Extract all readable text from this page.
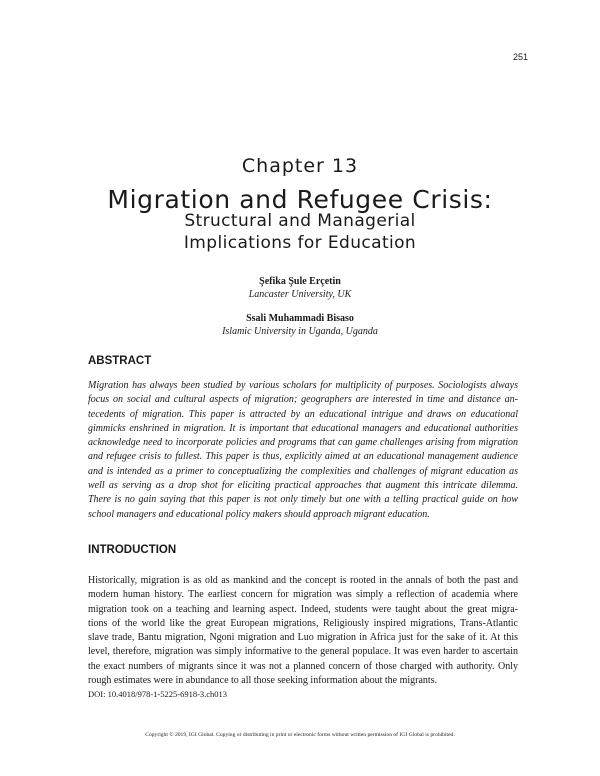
251
Chapter 13
Migration and Refugee Crisis:
Structural and Managerial
Implications for Education
Şefika Şule Erçetin
Lancaster University, UK
Ssali Muhammadi Bisaso
Islamic University in Uganda, Uganda
ABSTRACT
Migration has always been studied by various scholars for multiplicity of purposes. Sociologists always
focus on social and cultural aspects of migration; geographers are interested in time and distance an-
tecedents of migration. This paper is attracted by an educational intrigue and draws on educational
gimmicks enshrined in migration. It is important that educational managers and educational authorities
acknowledge need to incorporate policies and programs that can game challenges arising from migration
and refugee crisis to fullest. This paper is thus, explicitly aimed at an educational management audience
and is intended as a primer to conceptualizing the complexities and challenges of migrant education as
well as serving as a drop shot for eliciting practical approaches that augment this intricate dilemma.
There is no gain saying that this paper is not only timely but one with a telling practical guide on how
school managers and educational policy makers should approach migrant education.
INTRODUCTION
Historically, migration is as old as mankind and the concept is rooted in the annals of both the past and
modern human history. The earliest concern for migration was simply a reflection of academia where
migration took on a teaching and learning aspect. Indeed, students were taught about the great migra-
tions of the world like the great European migrations, Religiously inspired migrations, Trans-Atlantic
slave trade, Bantu migration, Ngoni migration and Luo migration in Africa just for the sake of it. At this
level, therefore, migration was simply informative to the general populace. It was even harder to ascertain
the exact numbers of migrants since it was not a planned concern of those charged with authority. Only
rough estimates were in abundance to all those seeking information about the migrants.
DOI: 10.4018/978-1-5225-6918-3.ch013
Copyright © 2019, IGI Global. Copying or distributing in print or electronic forms without written permission of IGI Global is prohibited.
